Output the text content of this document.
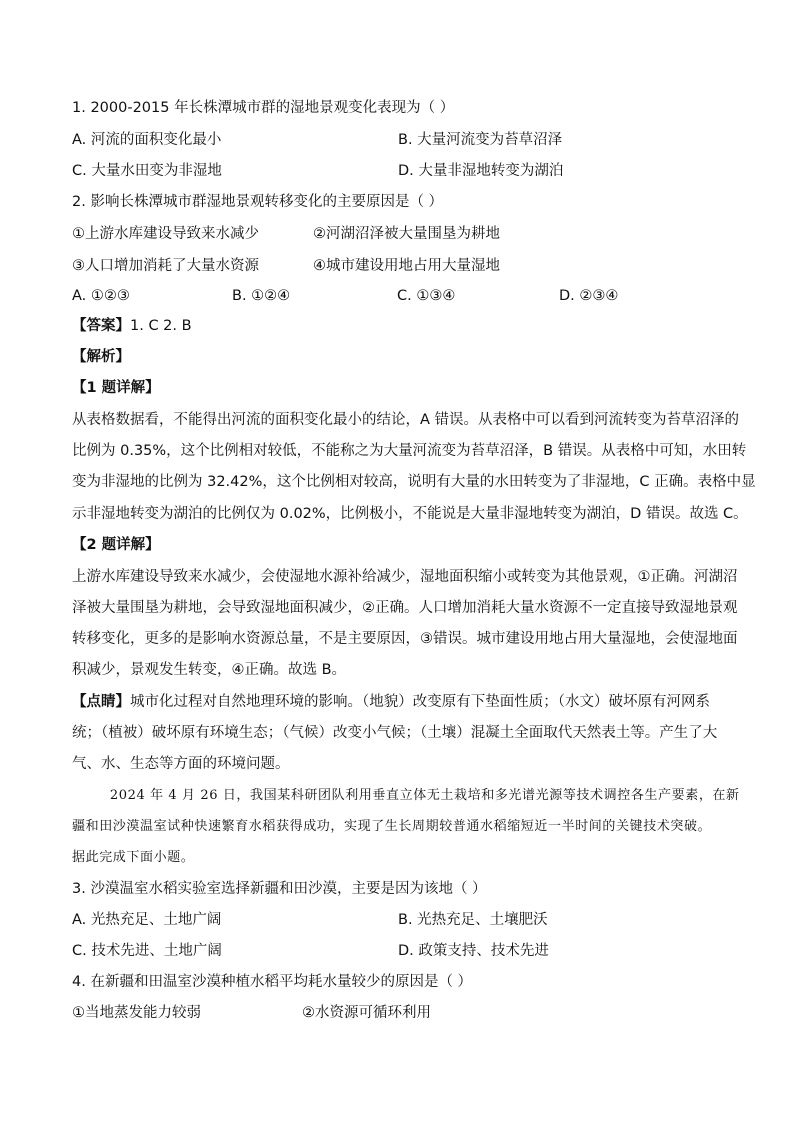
1. 2000-2015 年长株潭城市群的湿地景观变化表现为（ ）
A. 河流的面积变化最小	B. 大量河流变为苔草沼泽
C. 大量水田变为非湿地	D. 大量非湿地转变为湖泊
2. 影响长株潭城市群湿地景观转移变化的主要原因是（ ）
①上游水库建设导致来水减少	②河湖沼泽被大量围垦为耕地
③人口增加消耗了大量水资源	④城市建设用地占用大量湿地
A. ①②③	B. ①②④	C. ①③④	D. ②③④
【答案】1. C 2. B
【解析】
【1 题详解】
从表格数据看，不能得出河流的面积变化最小的结论，A 错误。从表格中可以看到河流转变为苔草沼泽的
比例为 0.35%，这个比例相对较低，不能称之为大量河流变为苔草沼泽，B 错误。从表格中可知，水田转
变为非湿地的比例为 32.42%，这个比例相对较高，说明有大量的水田转变为了非湿地，C 正确。表格中显
示非湿地转变为湖泊的比例仅为 0.02%，比例极小，不能说是大量非湿地转变为湖泊，D 错误。故选 C。
【2 题详解】
上游水库建设导致来水减少，会使湿地水源补给减少，湿地面积缩小或转变为其他景观，①正确。河湖沼
泽被大量围垦为耕地，会导致湿地面积减少，②正确。人口增加消耗大量水资源不一定直接导致湿地景观
转移变化，更多的是影响水资源总量，不是主要原因，③错误。城市建设用地占用大量湿地，会使湿地面
积减少，景观发生转变，④正确。故选 B。
【点睛】城市化过程对自然地理环境的影响。（地貌）改变原有下垫面性质；（水文）破坏原有河网系
统；（植被）破坏原有环境生态；（气候）改变小气候；（土壤）混凝土全面取代天然表土等。产生了大
气、水、生态等方面的环境问题。
2024 年 4 月 26 日，我国某科研团队利用垂直立体无土栽培和多光谱光源等技术调控各生产要素，在新
疆和田沙漠温室试种快速繁育水稻获得成功，实现了生长周期较普通水稻缩短近一半时间的关键技术突破。
据此完成下面小题。
3. 沙漠温室水稻实验室选择新疆和田沙漠，主要是因为该地（ ）
A. 光热充足、土地广阔	B. 光热充足、土壤肥沃
C. 技术先进、土地广阔	D. 政策支持、技术先进
4. 在新疆和田温室沙漠种植水稻平均耗水量较少的原因是（ ）
①当地蒸发能力较弱	②水资源可循环利用
